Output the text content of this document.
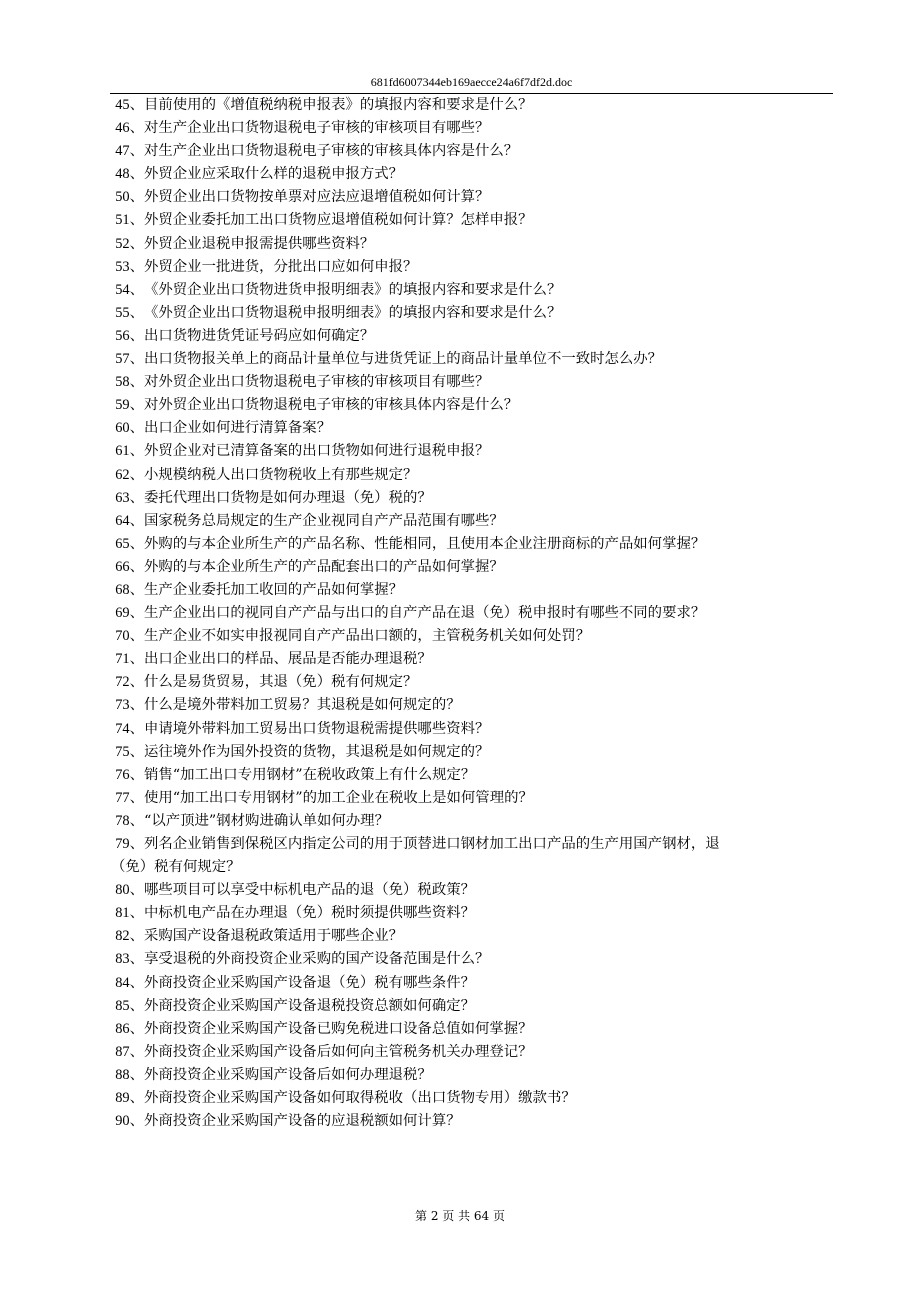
681fd6007344eb169aecce24a6f7df2d.doc
45、目前使用的《增值税纳税申报表》的填报内容和要求是什么？
46、对生产企业出口货物退税电子审核的审核项目有哪些？
47、对生产企业出口货物退税电子审核的审核具体内容是什么？
48、外贸企业应采取什么样的退税申报方式？
50、外贸企业出口货物按单票对应法应退增值税如何计算？
51、外贸企业委托加工出口货物应退增值税如何计算？怎样申报？
52、外贸企业退税申报需提供哪些资料？
53、外贸企业一批进货，分批出口应如何申报？
54、《外贸企业出口货物进货申报明细表》的填报内容和要求是什么？
55、《外贸企业出口货物退税申报明细表》的填报内容和要求是什么？
56、出口货物进货凭证号码应如何确定？
57、出口货物报关单上的商品计量单位与进货凭证上的商品计量单位不一致时怎么办？
58、对外贸企业出口货物退税电子审核的审核项目有哪些？
59、对外贸企业出口货物退税电子审核的审核具体内容是什么？
60、出口企业如何进行清算备案？
61、外贸企业对已清算备案的出口货物如何进行退税申报？
62、小规模纳税人出口货物税收上有那些规定？
63、委托代理出口货物是如何办理退（免）税的？
64、国家税务总局规定的生产企业视同自产产品范围有哪些？
65、外购的与本企业所生产的产品名称、性能相同，且使用本企业注册商标的产品如何掌握？
66、外购的与本企业所生产的产品配套出口的产品如何掌握？
68、生产企业委托加工收回的产品如何掌握？
69、生产企业出口的视同自产产品与出口的自产产品在退（免）税申报时有哪些不同的要求？
70、生产企业不如实申报视同自产产品出口额的，主管税务机关如何处罚？
71、出口企业出口的样品、展品是否能办理退税？
72、什么是易货贸易，其退（免）税有何规定？
73、什么是境外带料加工贸易？其退税是如何规定的？
74、申请境外带料加工贸易出口货物退税需提供哪些资料？
75、运往境外作为国外投资的货物，其退税是如何规定的？
76、销售“加工出口专用钢材”在税收政策上有什么规定？
77、使用“加工出口专用钢材”的加工企业在税收上是如何管理的？
78、“以产顶进”钢材购进确认单如何办理？
79、列名企业销售到保税区内指定公司的用于顶替进口钢材加工出口产品的生产用国产钢材，退
（免）税有何规定？
80、哪些项目可以享受中标机电产品的退（免）税政策？
81、中标机电产品在办理退（免）税时须提供哪些资料？
82、采购国产设备退税政策适用于哪些企业？
83、享受退税的外商投资企业采购的国产设备范围是什么？
84、外商投资企业采购国产设备退（免）税有哪些条件？
85、外商投资企业采购国产设备退税投资总额如何确定？
86、外商投资企业采购国产设备已购免税进口设备总值如何掌握？
87、外商投资企业采购国产设备后如何向主管税务机关办理登记？
88、外商投资企业采购国产设备后如何办理退税？
89、外商投资企业采购国产设备如何取得税收（出口货物专用）缴款书？
90、外商投资企业采购国产设备的应退税额如何计算？
第 2 页 共 64 页
